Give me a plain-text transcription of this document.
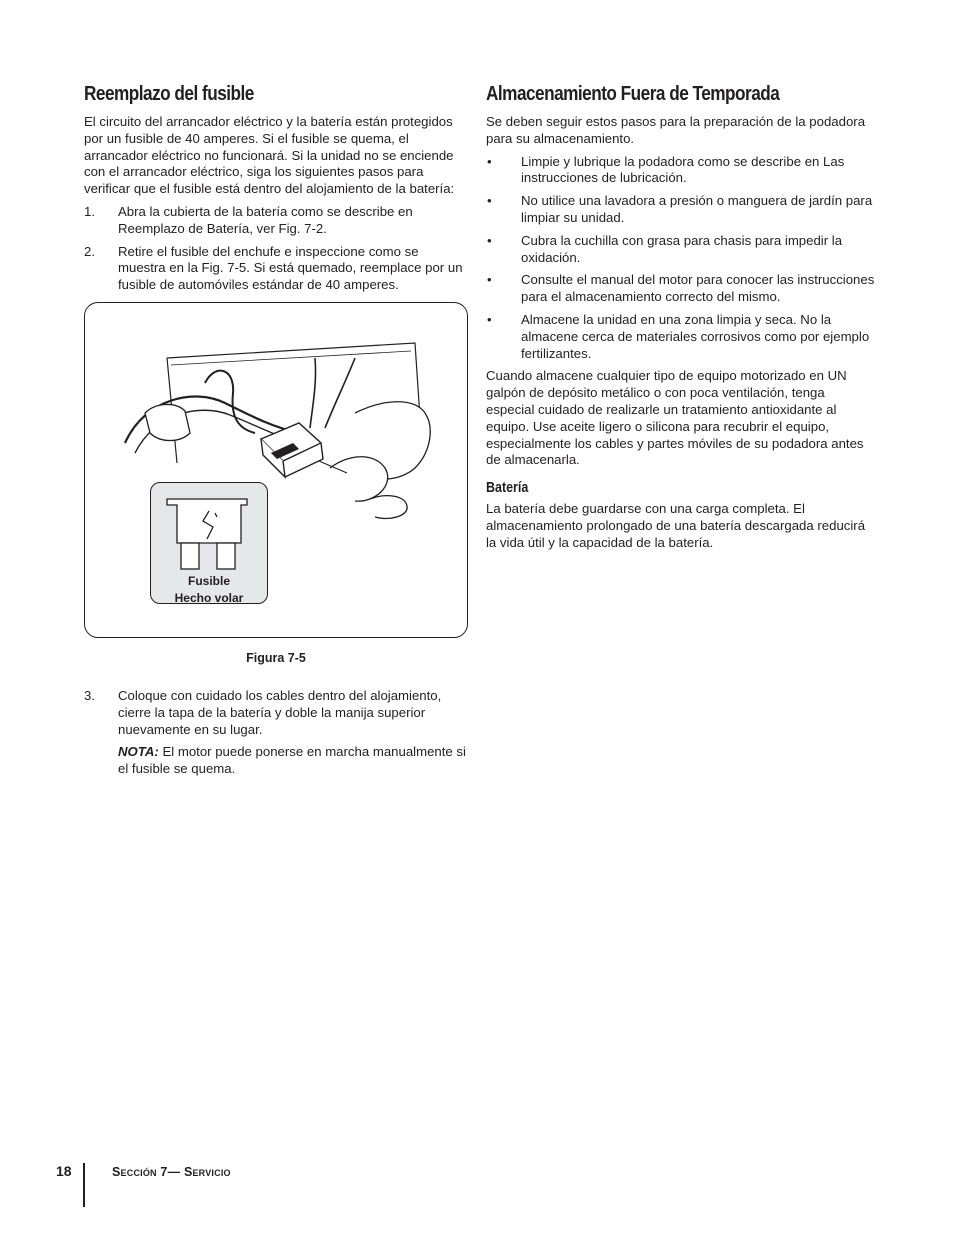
Reemplazo del fusible

El circuito del arrancador eléctrico y la batería están protegidos por un fusible de 40 amperes. Si el fusible se quema, el arrancador eléctrico no funcionará. Si la unidad no se enciende con el arrancador eléctrico, siga los siguientes pasos para verificar que el fusible está dentro del alojamiento de la batería:

1.	Abra la cubierta de la batería como se describe en Reemplazo de Batería, ver Fig. 7-2.
2.	Retire el fusible del enchufe e inspeccione como se muestra en la Fig. 7-5. Si está quemado, reemplace por un fusible de automóviles estándar de 40 amperes.
Fusible
Hecho volar
Figura 7-5
3.	Coloque con cuidado los cables dentro del alojamiento, cierre la tapa de la batería y doble la manija superior nuevamente en su lugar.

NOTA: El motor puede ponerse en marcha manualmente si el fusible se quema.

Almacenamiento Fuera de Temporada

Se deben seguir estos pasos para la preparación de la podadora para su almacenamiento.

•	Limpie y lubrique la podadora como se describe en Las instrucciones de lubricación.
•	No utilice una lavadora a presión o manguera de jardín para limpiar su unidad.
•	Cubra la cuchilla con grasa para chasis para impedir la oxidación.
•	Consulte el manual del motor para conocer las instrucciones para el almacenamiento correcto del mismo.
•	Almacene la unidad en una zona limpia y seca. No la almacene cerca de materiales corrosivos como por ejemplo fertilizantes.

Cuando almacene cualquier tipo de equipo motorizado en UN galpón de depósito metálico o con poca ventilación, tenga especial cuidado de realizarle un tratamiento antioxidante al equipo. Use aceite ligero o silicona para recubrir el equipo, especialmente los cables y partes móviles de su podadora antes de almacenarla.

Batería

La batería debe guardarse con una carga completa. El almacenamiento prolongado de una batería descargada reducirá la vida útil y la capacidad de la batería.

18	Sección 7— Servicio
